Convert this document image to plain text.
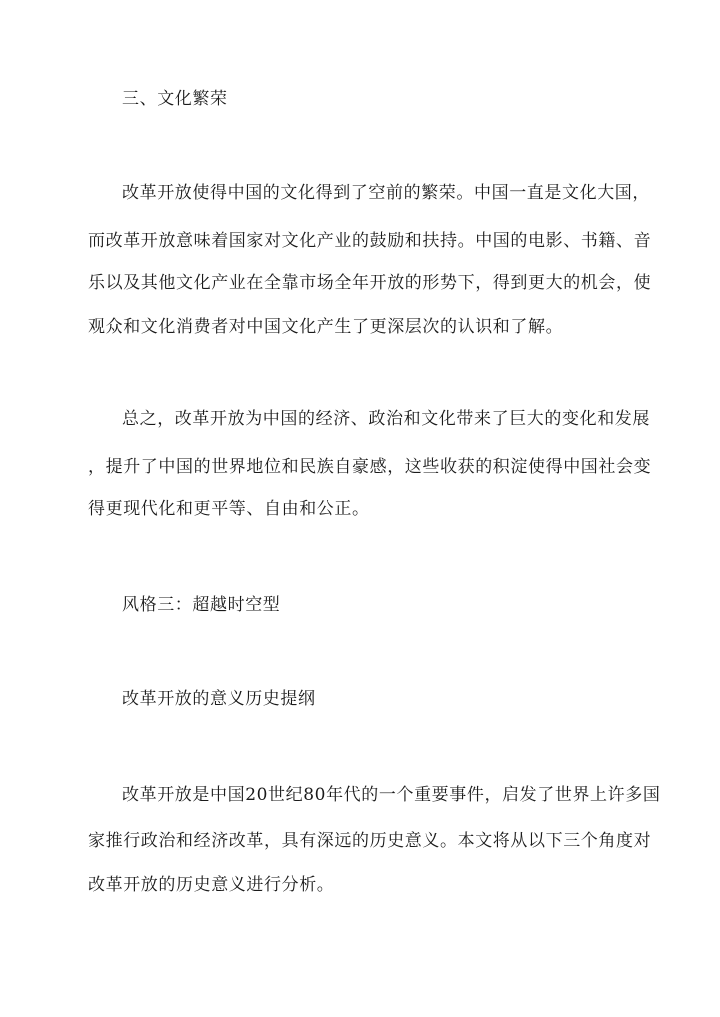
三、文化繁荣
改革开放使得中国的文化得到了空前的繁荣。中国一直是文化大国，
而改革开放意味着国家对文化产业的鼓励和扶持。中国的电影、书籍、音
乐以及其他文化产业在全靠市场全年开放的形势下，得到更大的机会，使
观众和文化消费者对中国文化产生了更深层次的认识和了解。
总之，改革开放为中国的经济、政治和文化带来了巨大的变化和发展
，提升了中国的世界地位和民族自豪感，这些收获的积淀使得中国社会变
得更现代化和更平等、自由和公正。
风格三：超越时空型
改革开放的意义历史提纲
改革开放是中国20世纪80年代的一个重要事件，启发了世界上许多国
家推行政治和经济改革，具有深远的历史意义。本文将从以下三个角度对
改革开放的历史意义进行分析。
